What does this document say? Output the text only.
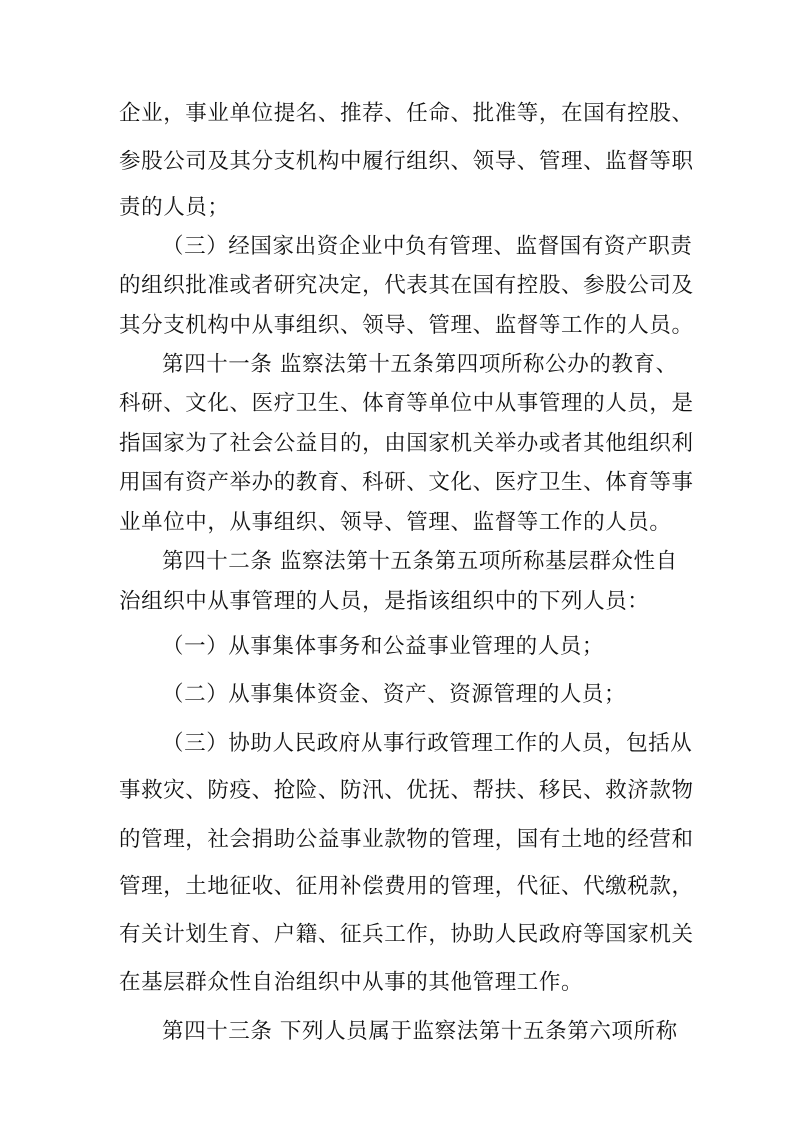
企业，事业单位提名、推荐、任命、批准等，在国有控股、
参股公司及其分支机构中履行组织、领导、管理、监督等职
责的人员；
（三）经国家出资企业中负有管理、监督国有资产职责
的组织批准或者研究决定，代表其在国有控股、参股公司及
其分支机构中从事组织、领导、管理、监督等工作的人员。
第四十一条 监察法第十五条第四项所称公办的教育、
科研、文化、医疗卫生、体育等单位中从事管理的人员，是
指国家为了社会公益目的，由国家机关举办或者其他组织利
用国有资产举办的教育、科研、文化、医疗卫生、体育等事
业单位中，从事组织、领导、管理、监督等工作的人员。
第四十二条 监察法第十五条第五项所称基层群众性自
治组织中从事管理的人员，是指该组织中的下列人员：
（一）从事集体事务和公益事业管理的人员；
（二）从事集体资金、资产、资源管理的人员；
（三）协助人民政府从事行政管理工作的人员，包括从
事救灾、防疫、抢险、防汛、优抚、帮扶、移民、救济款物
的管理，社会捐助公益事业款物的管理，国有土地的经营和
管理，土地征收、征用补偿费用的管理，代征、代缴税款，
有关计划生育、户籍、征兵工作，协助人民政府等国家机关
在基层群众性自治组织中从事的其他管理工作。
第四十三条 下列人员属于监察法第十五条第六项所称
